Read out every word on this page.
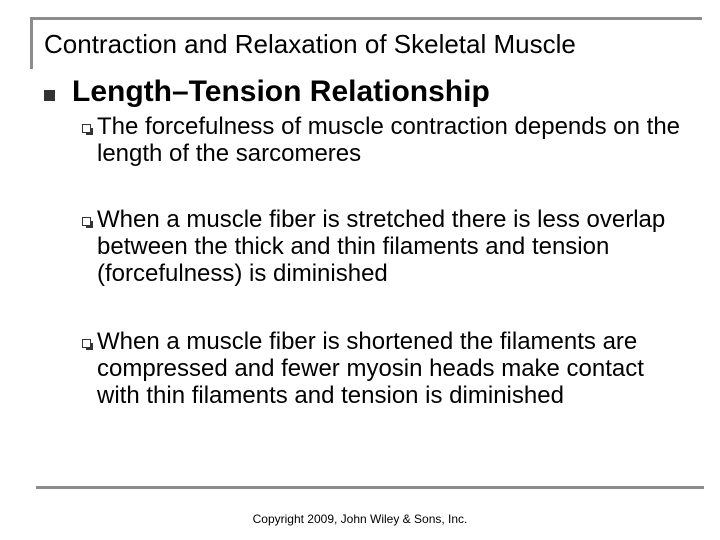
Contraction and Relaxation of Skeletal Muscle
Length–Tension Relationship
The forcefulness of muscle contraction depends on the length of the sarcomeres
When a muscle fiber is stretched there is less overlap between the thick and thin filaments and tension (forcefulness) is diminished
When a muscle fiber is shortened the filaments are compressed and fewer myosin heads make contact with thin filaments and tension is diminished
Copyright 2009, John Wiley & Sons, Inc.
